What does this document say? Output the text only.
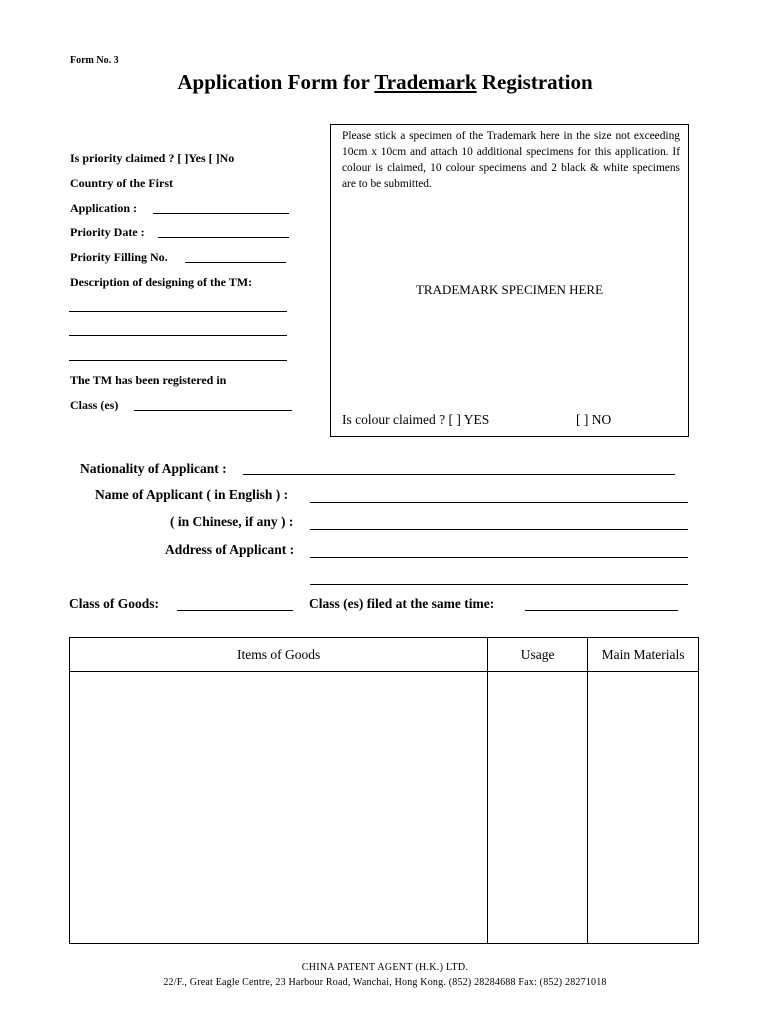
Form No. 3
Application Form for Trademark Registration
Is priority claimed ? [ ]Yes [ ]No
Country of the First
Application :
Priority Date :
Priority Filling No.
Description of designing of the TM:
The TM has been registered in
Class (es)
Please stick a specimen of the Trademark here in the size not exceeding 10cm x 10cm and attach 10 additional specimens for this application. If colour is claimed, 10 colour specimens and 2 black & white specimens are to be submitted.
TRADEMARK SPECIMEN HERE
Is colour claimed ? [ ] YES	[ ] NO
Nationality of Applicant :
Name of Applicant ( in English ) :
( in Chinese, if any ) :
Address of Applicant :
Class of Goods:	Class (es) filed at the same time:
Items of Goods	Usage	Main Materials

CHINA PATENT AGENT (H.K.) LTD.
22/F., Great Eagle Centre, 23 Harbour Road, Wanchai, Hong Kong. (852) 28284688 Fax: (852) 28271018
